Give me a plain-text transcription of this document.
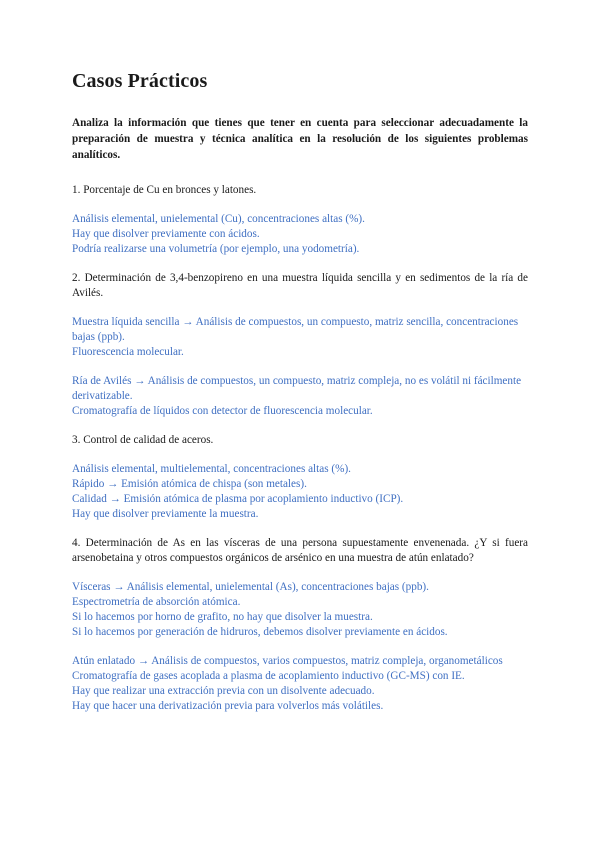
Casos Prácticos

Analiza la información que tienes que tener en cuenta para seleccionar adecuadamente la preparación de muestra y técnica analítica en la resolución de los siguientes problemas analíticos.

1. Porcentaje de Cu en bronces y latones.

Análisis elemental, unielemental (Cu), concentraciones altas (%).

Hay que disolver previamente con ácidos.

Podría realizarse una volumetría (por ejemplo, una yodometría).

2. Determinación de 3,4-benzopireno en una muestra líquida sencilla y en sedimentos de la ría de Avilés.

Muestra líquida sencilla → Análisis de compuestos, un compuesto, matriz sencilla, concentraciones bajas (ppb).

Fluorescencia molecular.

Ría de Avilés → Análisis de compuestos, un compuesto, matriz compleja, no es volátil ni fácilmente derivatizable.

Cromatografía de líquidos con detector de fluorescencia molecular.

3. Control de calidad de aceros.

Análisis elemental, multielemental, concentraciones altas (%).

Rápido → Emisión atómica de chispa (son metales).

Calidad → Emisión atómica de plasma por acoplamiento inductivo (ICP).

Hay que disolver previamente la muestra.

4. Determinación de As en las vísceras de una persona supuestamente envenenada. ¿Y si fuera arsenobetaina y otros compuestos orgánicos de arsénico en una muestra de atún enlatado?

Vísceras → Análisis elemental, unielemental (As), concentraciones bajas (ppb).

Espectrometría de absorción atómica.

Si lo hacemos por horno de grafito, no hay que disolver la muestra.

Si lo hacemos por generación de hidruros, debemos disolver previamente en ácidos.

Atún enlatado → Análisis de compuestos, varios compuestos, matriz compleja, organometálicos

Cromatografía de gases acoplada a plasma de acoplamiento inductivo (GC-MS) con IE.

Hay que realizar una extracción previa con un disolvente adecuado.

Hay que hacer una derivatización previa para volverlos más volátiles.
